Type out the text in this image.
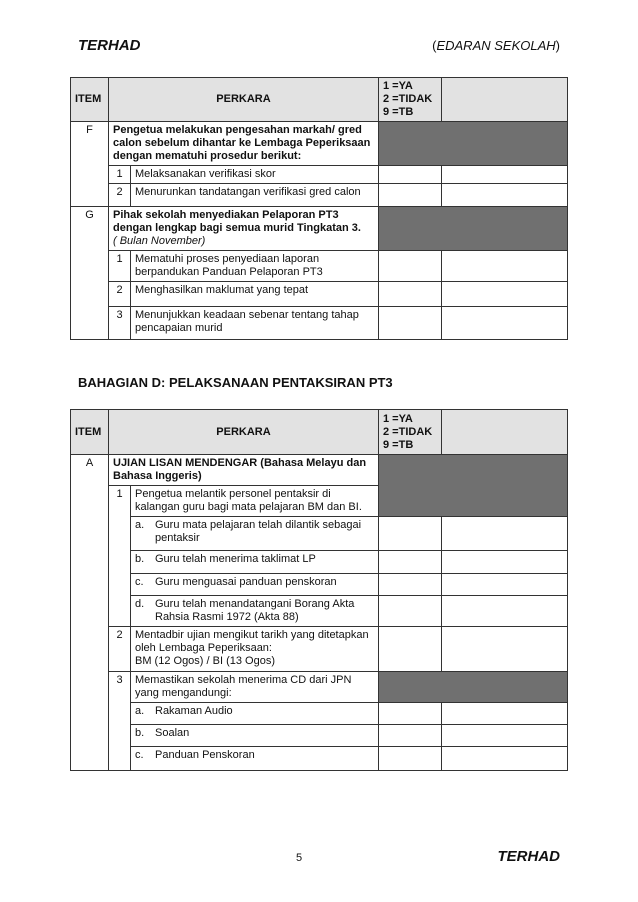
TERHAD	(EDARAN SEKOLAH)
ITEM	PERKARA		1 =YA
2 =TIDAK
9 =TB	

F	Pengetua melakukan pengesahan markah/ gred calon sebelum dihantar ke Lembaga Peperiksaan dengan mematuhi prosedur berikut:			
	1	Melaksanakan verifikasi skor		
	2	Menurunkan tandatangan verifikasi gred calon		
G	Pihak sekolah menyediakan Pelaporan PT3 dengan lengkap bagi semua murid Tingkatan 3.
( Bulan November)			

	1	Mematuhi proses penyediaan laporan berpandukan Panduan Pelaporan PT3		
	2	Menghasilkan maklumat yang tepat		
	3	Menunjukkan keadaan sebenar tentang tahap pencapaian murid		
BAHAGIAN D: PELAKSANAAN PENTAKSIRAN PT3
ITEM	PERKARA		1 =YA
2 =TIDAK
9 =TB	

A	UJIAN LISAN MENDENGAR (Bahasa Melayu dan Bahasa Inggeris)			
	1	Pengetua melantik personel pentaksir di kalangan guru bagi mata pelajaran BM dan BI.		

		a. Guru mata pelajaran telah dilantik sebagai pentaksir		

		b. Guru telah menerima taklimat LP		

		c. Guru menguasai panduan penskoran		

		d. Guru telah menandatangani Borang Akta Rahsia Rasmi 1972 (Akta 88)		

	2	Mentadbir ujian mengikut tarikh yang ditetapkan oleh Lembaga Peperiksaan:
BM (12 Ogos) / BI (13 Ogos)		

	3	Memastikan sekolah menerima CD dari JPN yang mengandungi:		

		a. Rakaman Audio		

		b. Soalan		

		c. Panduan Penskoran		

5	TERHAD
